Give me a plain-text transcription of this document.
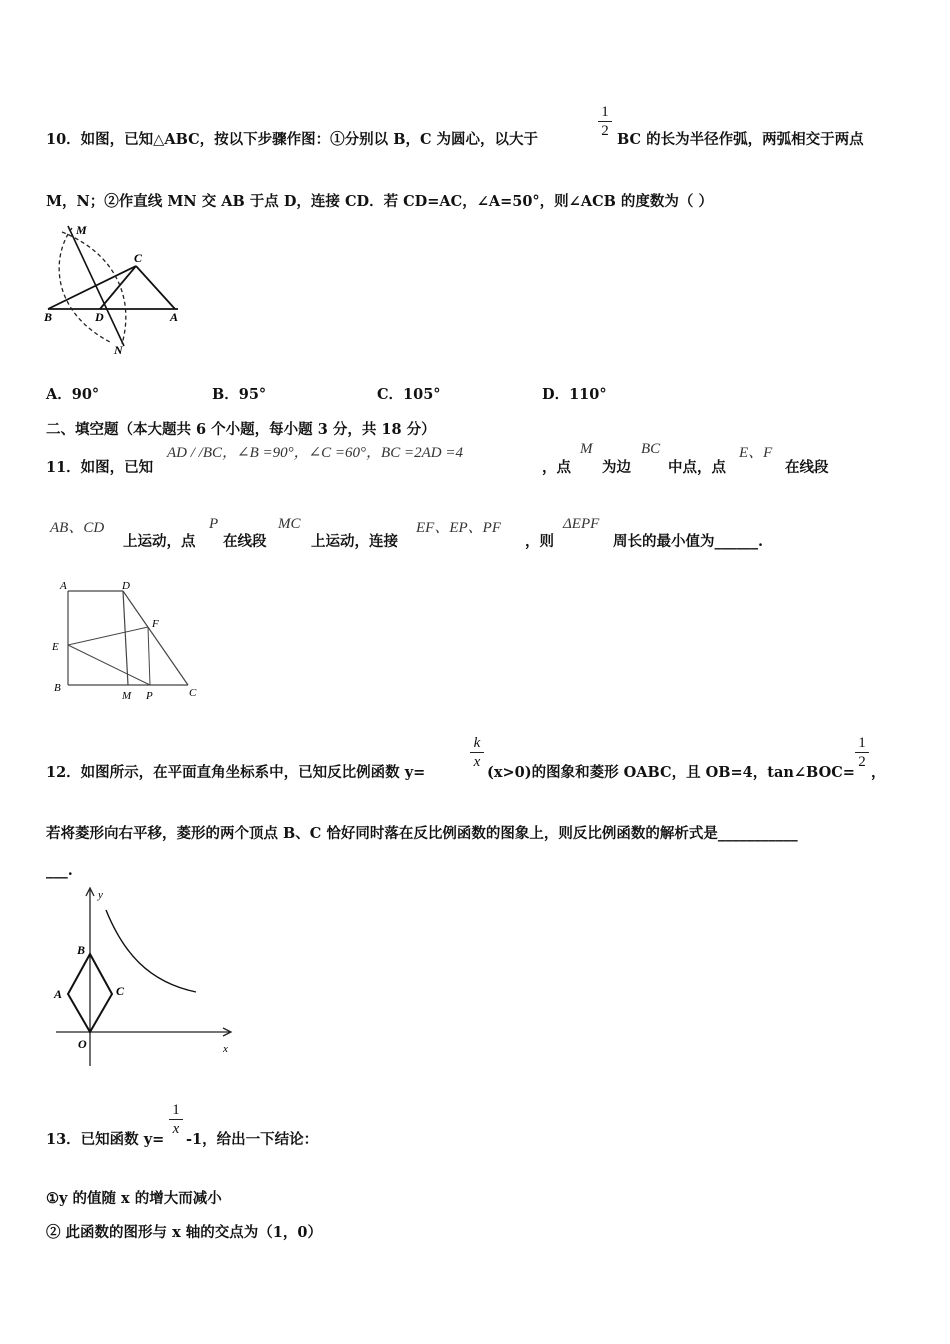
10．如图，已知△ABC，按以下步骤作图：①分别以 B，C 为圆心，以大于
1
2 BC 的长为半径作弧，两弧相交于两点
M，N；②作直线 MN 交 AB 于点 D，连接 CD．若 CD=AC，∠A=50°，则∠ACB 的度数为（ ）
M
C
B	D	A
N
A．90°	B．95°	C．105°	D．110°
二、填空题（本大题共 6 个小题，每小题 3 分，共 18 分）
11．如图，已知
AD / /BC，∠B =90°，∠C =60°，BC =2AD =4
，点
M
为边
BC
中点，点
E、F
在线段
AB、CD
上运动，点
P
在线段
MC
上运动，连接
EF、EP、PF
，则
ΔEPF
周长的最小值为______.
A	D
F
E
B
M P	C
12．如图所示，在平面直角坐标系中，已知反比例函数 y=
k
x
(x>0)的图象和菱形 OABC，且 OB=4，tan∠BOC=
1
2
，
若将菱形向右平移，菱形的两个顶点 B、C 恰好同时落在反比例函数的图象上，则反比例函数的解析式是___________
___.
y
B
A	C
O	x
13．已知函数 y=
1
x
-1，给出一下结论：
①y 的值随 x 的增大而减小
② 此函数的图形与 x 轴的交点为（1，0）
